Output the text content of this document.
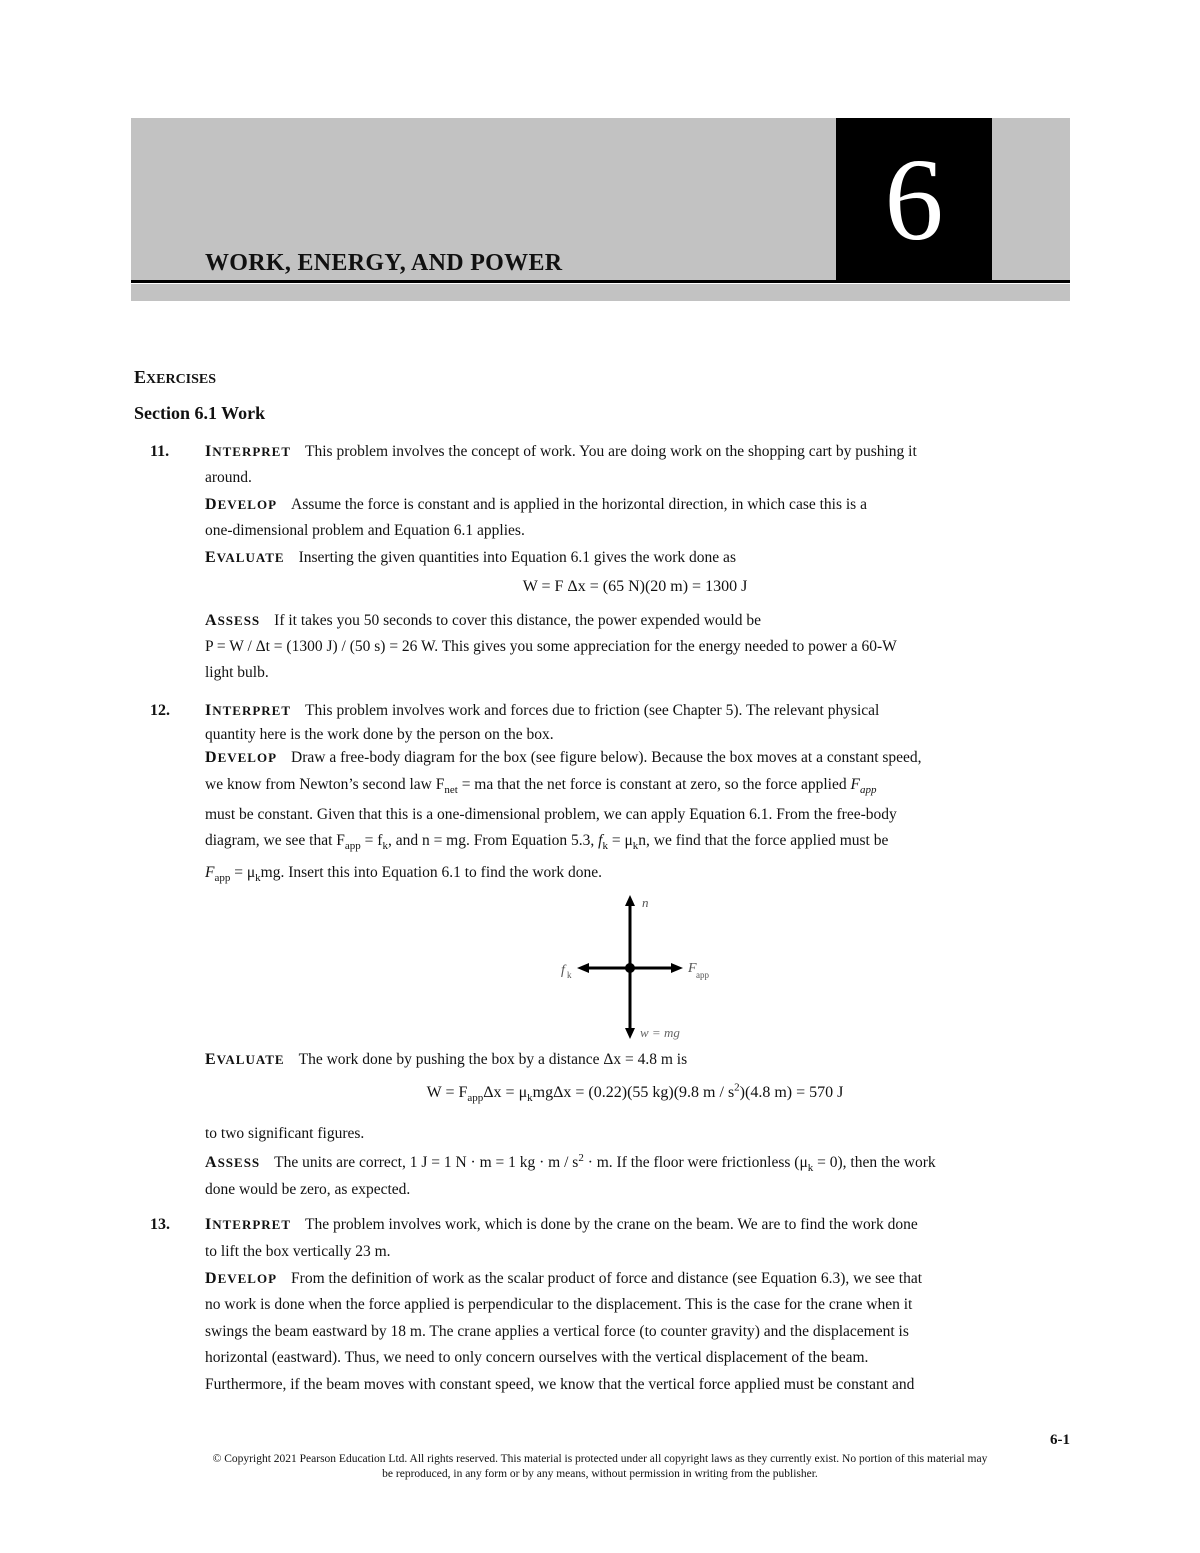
6
WORK, ENERGY, AND POWER
EXERCISES
Section 6.1 Work
11. INTERPRET This problem involves the concept of work. You are doing work on the shopping cart by pushing it
around.
DEVELOP Assume the force is constant and is applied in the horizontal direction, in which case this is a
one-dimensional problem and Equation 6.1 applies.
EVALUATE Inserting the given quantities into Equation 6.1 gives the work done as
W = F Δx = (65 N)(20 m) = 1300 J
ASSESS If it takes you 50 seconds to cover this distance, the power expended would be
P = W / Δt = (1300 J) / (50 s) = 26 W. This gives you some appreciation for the energy needed to power a 60-W
light bulb.
12. INTERPRET This problem involves work and forces due to friction (see Chapter 5). The relevant physical
quantity here is the work done by the person on the box.
DEVELOP Draw a free-body diagram for the box (see figure below). Because the box moves at a constant speed,
we know from Newton’s second law $F_{net}$ = ma that the net force is constant at zero, so the force applied $F_{app}$
must be constant. Given that this is a one-dimensional problem, we can apply Equation 6.1. From the free-body
diagram, we see that $F_{app} = f_k$, and n = mg. From Equation 5.3, $f_k = \mu_kn$, we find that the force applied must be
$F_{app} = \mu_kmg$. Insert this into Equation 6.1 to find the work done.
n
f k	F app
w = mg
EVALUATE The work done by pushing the box by a distance Δx = 4.8 m is
$W = F_{app}\Delta x = \mu_kmg\Delta x = (0.22)(55$ kg)(9.8 m / $s^2)(4.8$ m) = 570 J
to two significant figures.
ASSESS The units are correct, 1 J = 1 N · m = 1 kg · $m / s^2 \cdot m$. If the floor were frictionless $(\mu_k = 0)$, then the work
done would be zero, as expected.
13. INTERPRET The problem involves work, which is done by the crane on the beam. We are to find the work done
to lift the box vertically 23 m.
DEVELOP From the definition of work as the scalar product of force and distance (see Equation 6.3), we see that
no work is done when the force applied is perpendicular to the displacement. This is the case for the crane when it
swings the beam eastward by 18 m. The crane applies a vertical force (to counter gravity) and the displacement is
horizontal (eastward). Thus, we need to only concern ourselves with the vertical displacement of the beam.
Furthermore, if the beam moves with constant speed, we know that the vertical force applied must be constant and
6-1
© Copyright 2021 Pearson Education Ltd. All rights reserved. This material is protected under all copyright laws as they currently exist. No portion of this material may
be reproduced, in any form or by any means, without permission in writing from the publisher.
